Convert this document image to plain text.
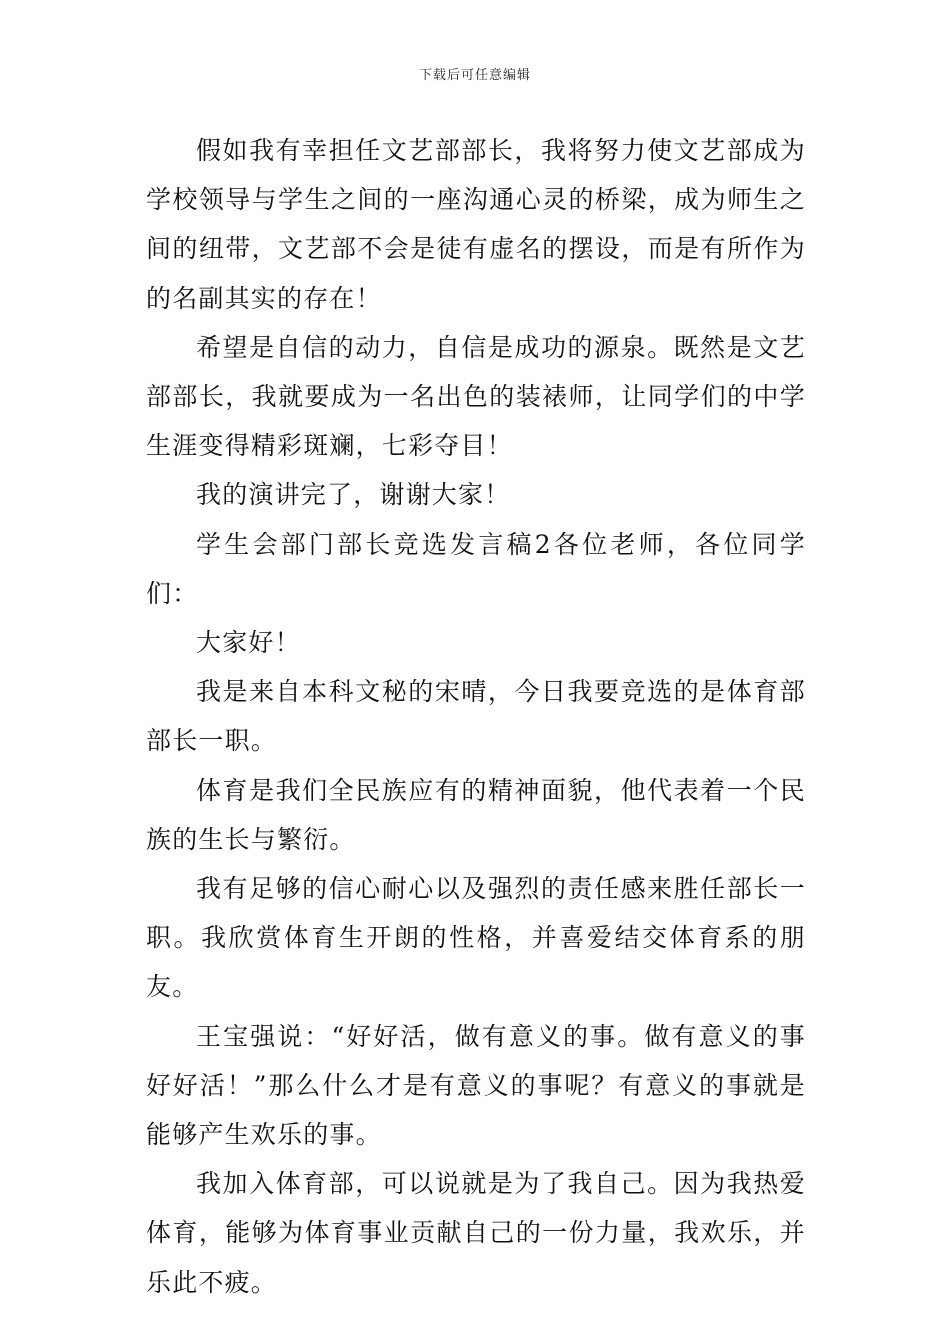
下载后可任意编辑

假如我有幸担任文艺部部长，我将努力使文艺部成为学校领导与学生之间的一座沟通心灵的桥梁，成为师生之间的纽带，文艺部不会是徒有虚名的摆设，而是有所作为的名副其实的存在！

希望是自信的动力，自信是成功的源泉。既然是文艺部部长，我就要成为一名出色的装裱师，让同学们的中学生涯变得精彩斑斓，七彩夺目！

我的演讲完了，谢谢大家！

学生会部门部长竞选发言稿2各位老师，各位同学们：

大家好！

我是来自本科文秘的宋晴，今日我要竞选的是体育部部长一职。

体育是我们全民族应有的精神面貌，他代表着一个民族的生长与繁衍。

我有足够的信心耐心以及强烈的责任感来胜任部长一职。我欣赏体育生开朗的性格，并喜爱结交体育系的朋友。

王宝强说：“好好活，做有意义的事。做有意义的事好好活！”那么什么才是有意义的事呢？有意义的事就是能够产生欢乐的事。

我加入体育部，可以说就是为了我自己。因为我热爱体育，能够为体育事业贡献自己的一份力量，我欢乐，并乐此不疲。
